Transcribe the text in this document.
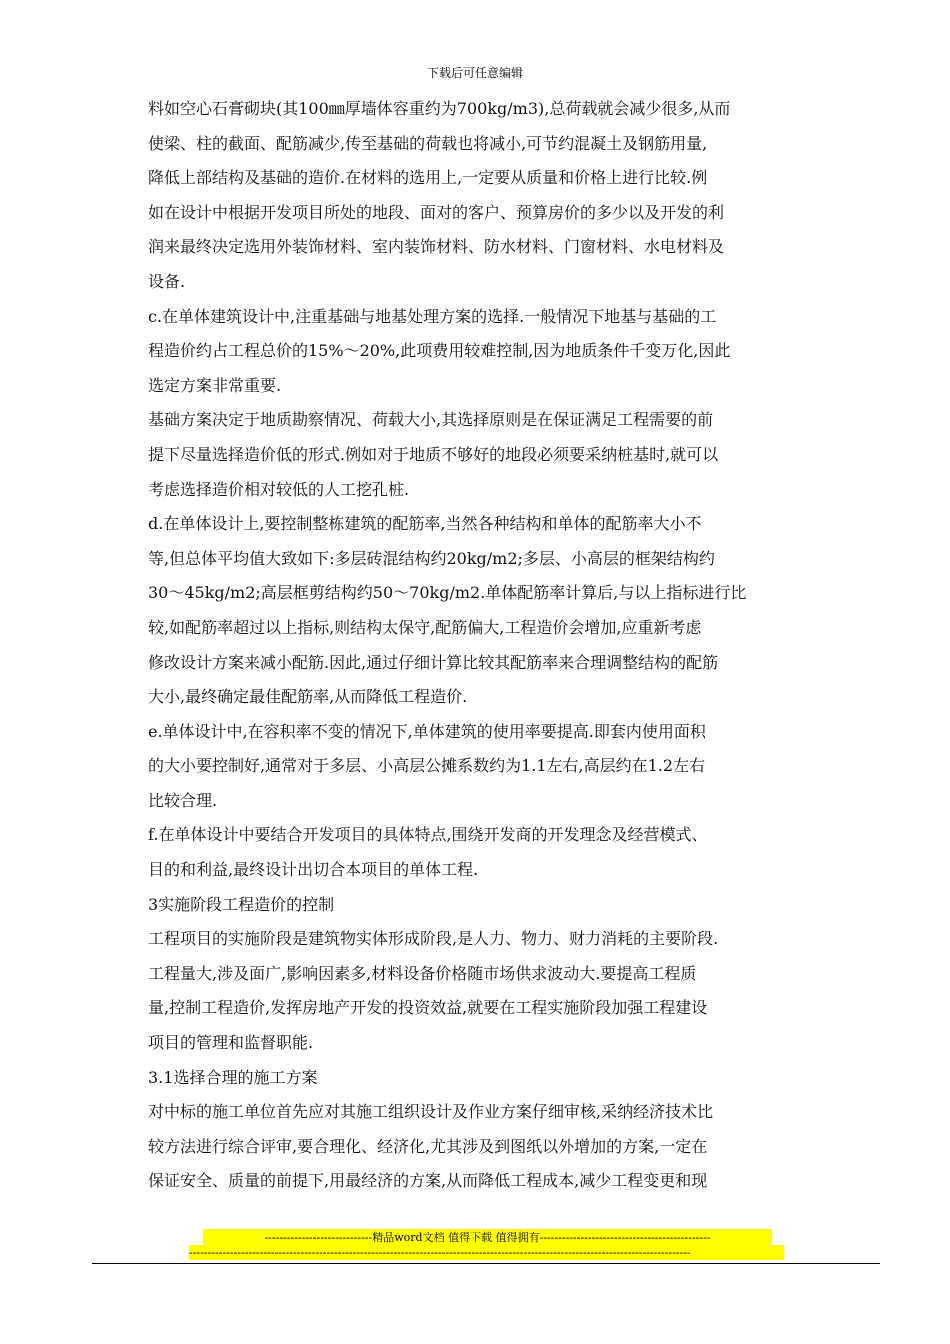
下载后可任意编辑

料如空心石膏砌块(其100㎜厚墙体容重约为700kg/m3),总荷载就会减少很多,从而

使梁、柱的截面、配筋减少,传至基础的荷载也将减小,可节约混凝土及钢筋用量,

降低上部结构及基础的造价.在材料的选用上,一定要从质量和价格上进行比较.例

如在设计中根据开发项目所处的地段、面对的客户、预算房价的多少以及开发的利

润来最终决定选用外装饰材料、室内装饰材料、防水材料、门窗材料、水电材料及

设备.

c.在单体建筑设计中,注重基础与地基处理方案的选择.一般情况下地基与基础的工

程造价约占工程总价的15%～20%,此项费用较难控制,因为地质条件千变万化,因此

选定方案非常重要.

基础方案决定于地质勘察情况、荷载大小,其选择原则是在保证满足工程需要的前

提下尽量选择造价低的形式.例如对于地质不够好的地段必须要采纳桩基时,就可以

考虑选择造价相对较低的人工挖孔桩.

d.在单体设计上,要控制整栋建筑的配筋率,当然各种结构和单体的配筋率大小不

等,但总体平均值大致如下:多层砖混结构约20kg/m2;多层、小高层的框架结构约

30～45kg/m2;高层框剪结构约50～70kg/m2.单体配筋率计算后,与以上指标进行比

较,如配筋率超过以上指标,则结构太保守,配筋偏大,工程造价会增加,应重新考虑

修改设计方案来减小配筋.因此,通过仔细计算比较其配筋率来合理调整结构的配筋

大小,最终确定最佳配筋率,从而降低工程造价.

e.单体设计中,在容积率不变的情况下,单体建筑的使用率要提高.即套内使用面积

的大小要控制好,通常对于多层、小高层公摊系数约为1.1左右,高层约在1.2左右

比较合理.

f.在单体设计中要结合开发项目的具体特点,围绕开发商的开发理念及经营模式、

目的和利益,最终设计出切合本项目的单体工程.

3实施阶段工程造价的控制

工程项目的实施阶段是建筑物实体形成阶段,是人力、物力、财力消耗的主要阶段.

工程量大,涉及面广,影响因素多,材料设备价格随市场供求波动大.要提高工程质

量,控制工程造价,发挥房地产开发的投资效益,就要在工程实施阶段加强工程建设

项目的管理和监督职能.

3.1选择合理的施工方案

对中标的施工单位首先应对其施工组织设计及作业方案仔细审核,采纳经济技术比

较方法进行综合评审,要合理化、经济化,尤其涉及到图纸以外增加的方案,一定在

保证安全、质量的前提下,用最经济的方案,从而降低工程成本,减少工程变更和现

-----------------------------精品word文档 值得下载 值得拥有----------------------------------------------
---------------------------------------------------------------------------------------------------------------------------------------
